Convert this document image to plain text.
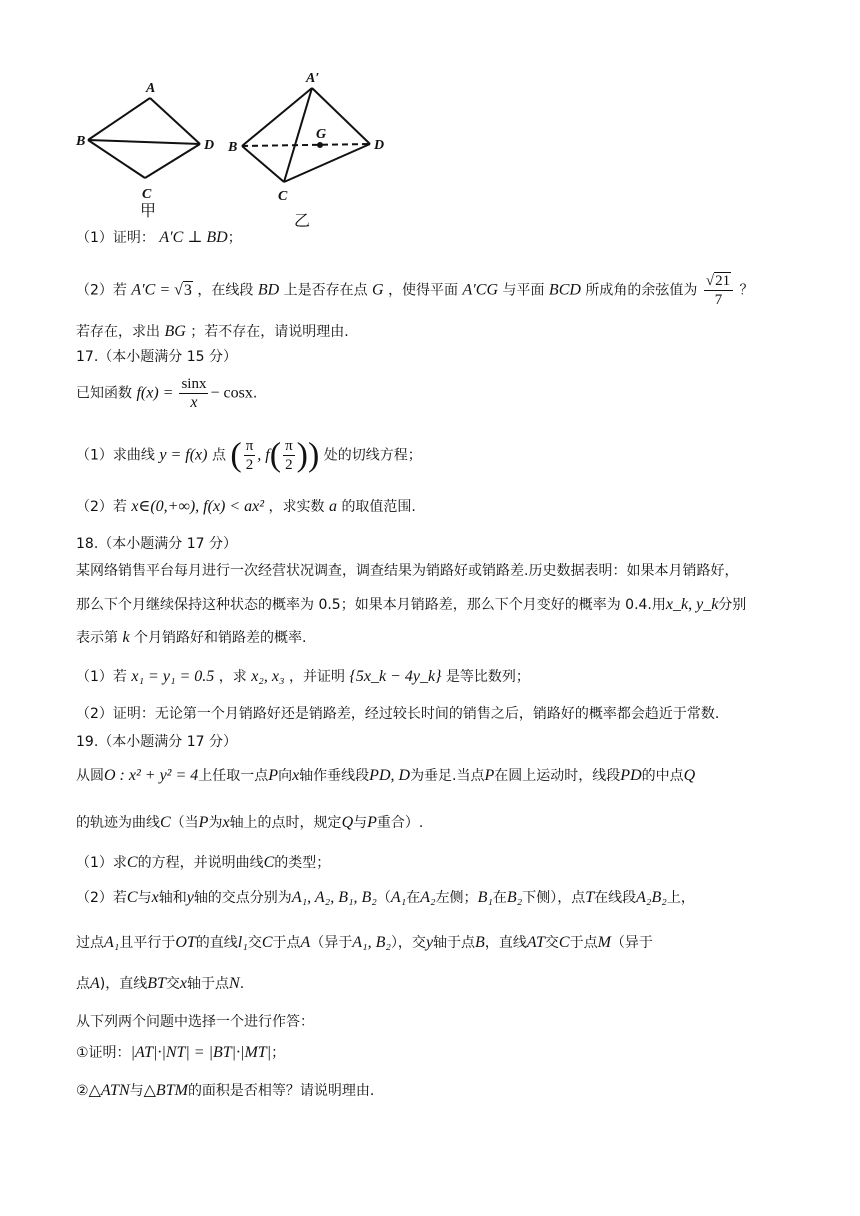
A
B
C
D
A′
B
C
D
G
甲
乙
（1）证明： A′C ⊥ BD；
（2）若 A′C = √3 ，在线段 BD 上是否存在点 G ，使得平面 A′CG 与平面 BCD 所成角的余弦值为 $\frac{√21}{7}$ ？
若存在，求出 BG ；若不存在，请说明理由.
17.（本小题满分 15 分）
已知函数 $f(x) = \frac{\sin x}{x} - \cos x$.
（1）求曲线 y = f(x) 点 ( $\frac{\pi}{2}$ , $f( \frac{\pi}{2}$ )) 处的切线方程；
（2）若 x∈(0,+∞), f(x) < ax² ，求实数 a 的取值范围.
18.（本小题满分 17 分）
某网络销售平台每月进行一次经营状况调查，调查结果为销路好或销路差.历史数据表明：如果本月销路好，
那么下个月继续保持这种状态的概率为 0.5；如果本月销路差，那么下个月变好的概率为 0.4.用x_k, y_k分别
表示第 k 个月销路好和销路差的概率.
（1）若 x₁ = y₁ = 0.5 ，求 x₂, x₃ ，并证明 {5x_k − 4y_k} 是等比数列；
（2）证明：无论第一个月销路好还是销路差，经过较长时间的销售之后，销路好的概率都会趋近于常数.
19.（本小题满分 17 分）
从圆O : x² + y² = 4上任取一点P向x轴作垂线段PD, D为垂足.当点P在圆上运动时，线段PD的中点Q
的轨迹为曲线C（当P为x轴上的点时，规定Q与P重合）.
（1）求C的方程，并说明曲线C的类型；
（2）若C与x轴和y轴的交点分别为A₁, A₂, B₁, B₂（A₁在A₂左侧；B₁在B₂下侧），点T在线段A₂B₂上，
过点A₁且平行于OT的直线l₁交C于点A（异于A₁, B₂），交y轴于点B，直线AT交C于点M（异于
点A)，直线BT交x轴于点N.
从下列两个问题中选择一个进行作答：
①证明：|AT|·|NT| = |BT|·|MT|；
②△ATN与△BTM的面积是否相等？请说明理由.
